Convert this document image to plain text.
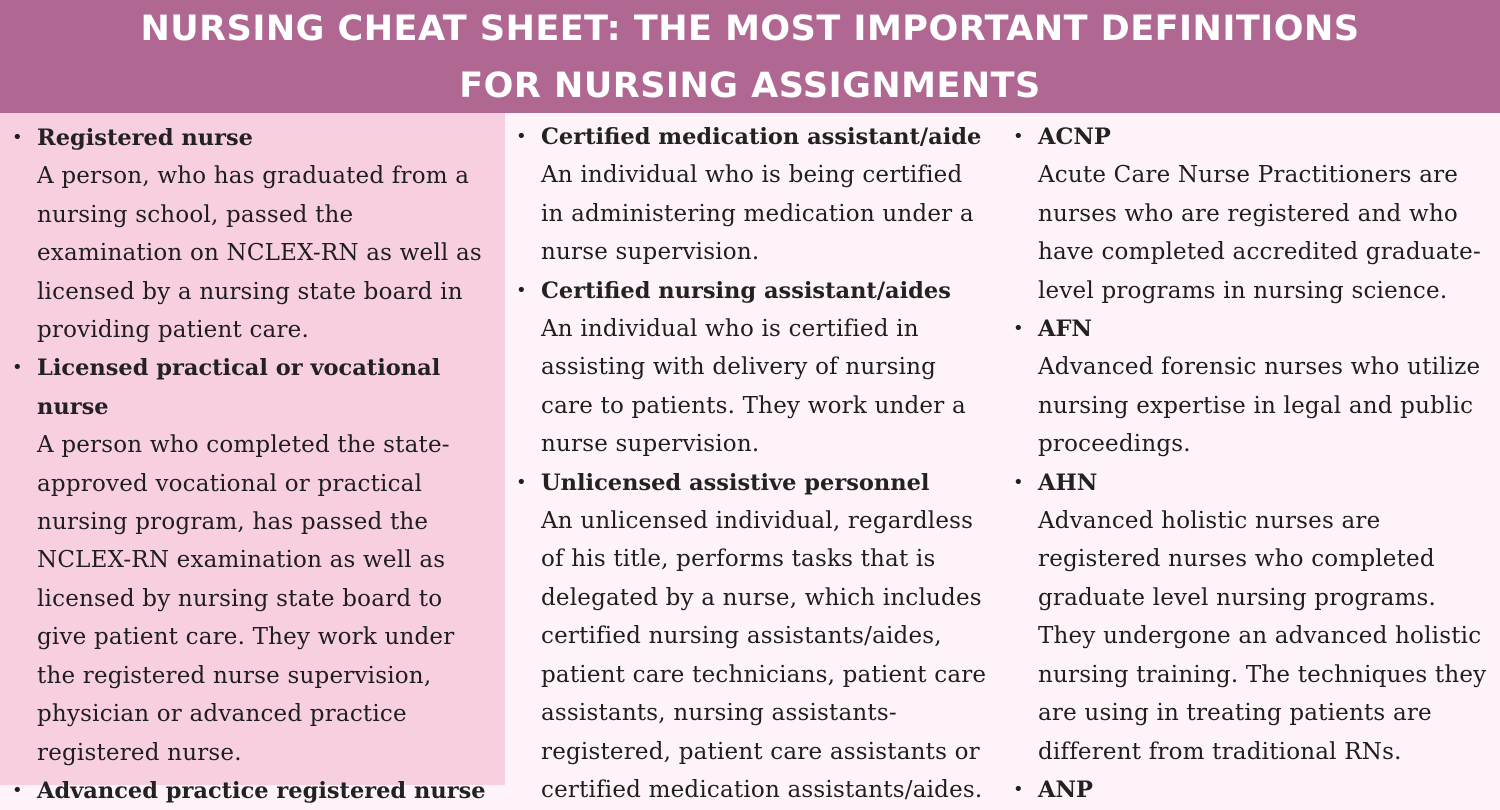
NURSING CHEAT SHEET: THE MOST IMPORTANT DEFINITIONS
FOR NURSING ASSIGNMENTS
• Registered nurse
A person, who has graduated from a nursing school, passed the examination on NCLEX-RN as well as licensed by a nursing state board in providing patient care.
• Licensed practical or vocational nurse
A person who completed the state-approved vocational or practical nursing program, has passed the NCLEX-RN examination as well as licensed by nursing state board to give patient care. They work under the registered nurse supervision, physician or advanced practice registered nurse.
• Advanced practice registered nurse
• Certified medication assistant/aide
An individual who is being certified in administering medication under a nurse supervision.
• Certified nursing assistant/aides
An individual who is certified in assisting with delivery of nursing care to patients. They work under a nurse supervision.
• Unlicensed assistive personnel
An unlicensed individual, regardless of his title, performs tasks that is delegated by a nurse, which includes certified nursing assistants/aides, patient care technicians, patient care assistants, nursing assistants-registered, patient care assistants or certified medication assistants/aides.
• ACNP
Acute Care Nurse Practitioners are nurses who are registered and who have completed accredited graduate-level programs in nursing science.
• AFN
Advanced forensic nurses who utilize nursing expertise in legal and public proceedings.
• AHN
Advanced holistic nurses are registered nurses who completed graduate level nursing programs. They undergone an advanced holistic nursing training. The techniques they are using in treating patients are different from traditional RNs.
• ANP
